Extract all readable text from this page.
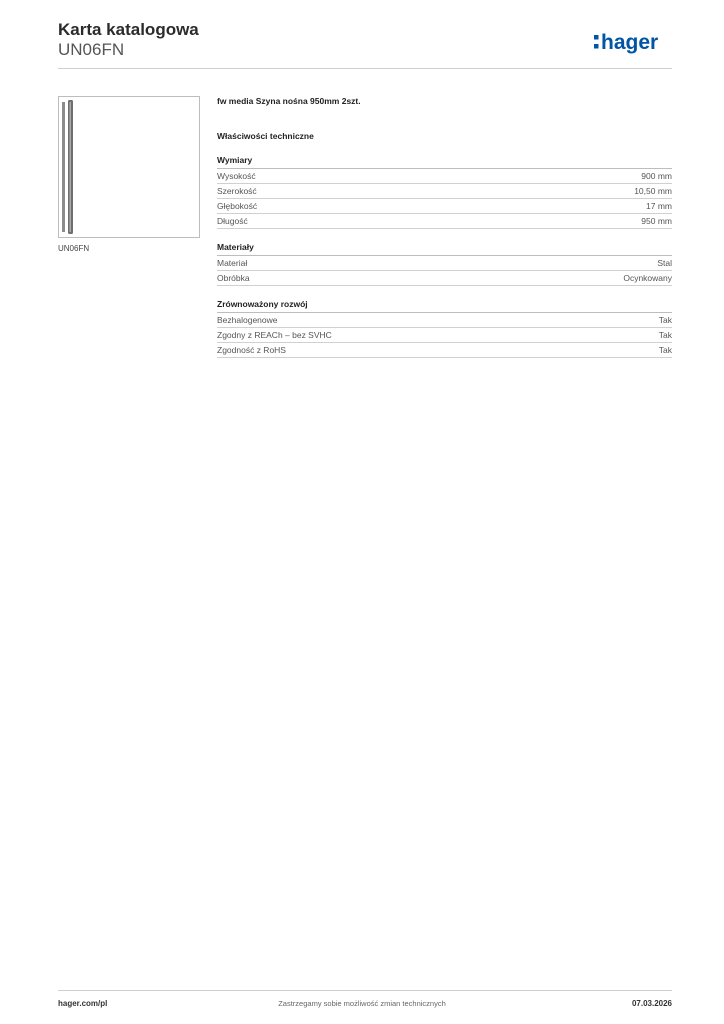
Karta katalogowa
UN06FN	hager
UN06FN
fw media Szyna nośna 950mm 2szt.
Właściwości techniczne
Wymiary
Wysokość	900 mm
Szerokość	10,50 mm
Głębokość	17 mm
Długość	950 mm
Materiały
Materiał	Stal
Obróbka	Ocynkowany
Zrównoważony rozwój
Bezhalogenowe	Tak
Zgodny z REACh – bez SVHC	Tak
Zgodność z RoHS	Tak
hager.com/pl	Zastrzegamy sobie możliwość zmian technicznych	07.03.2026
